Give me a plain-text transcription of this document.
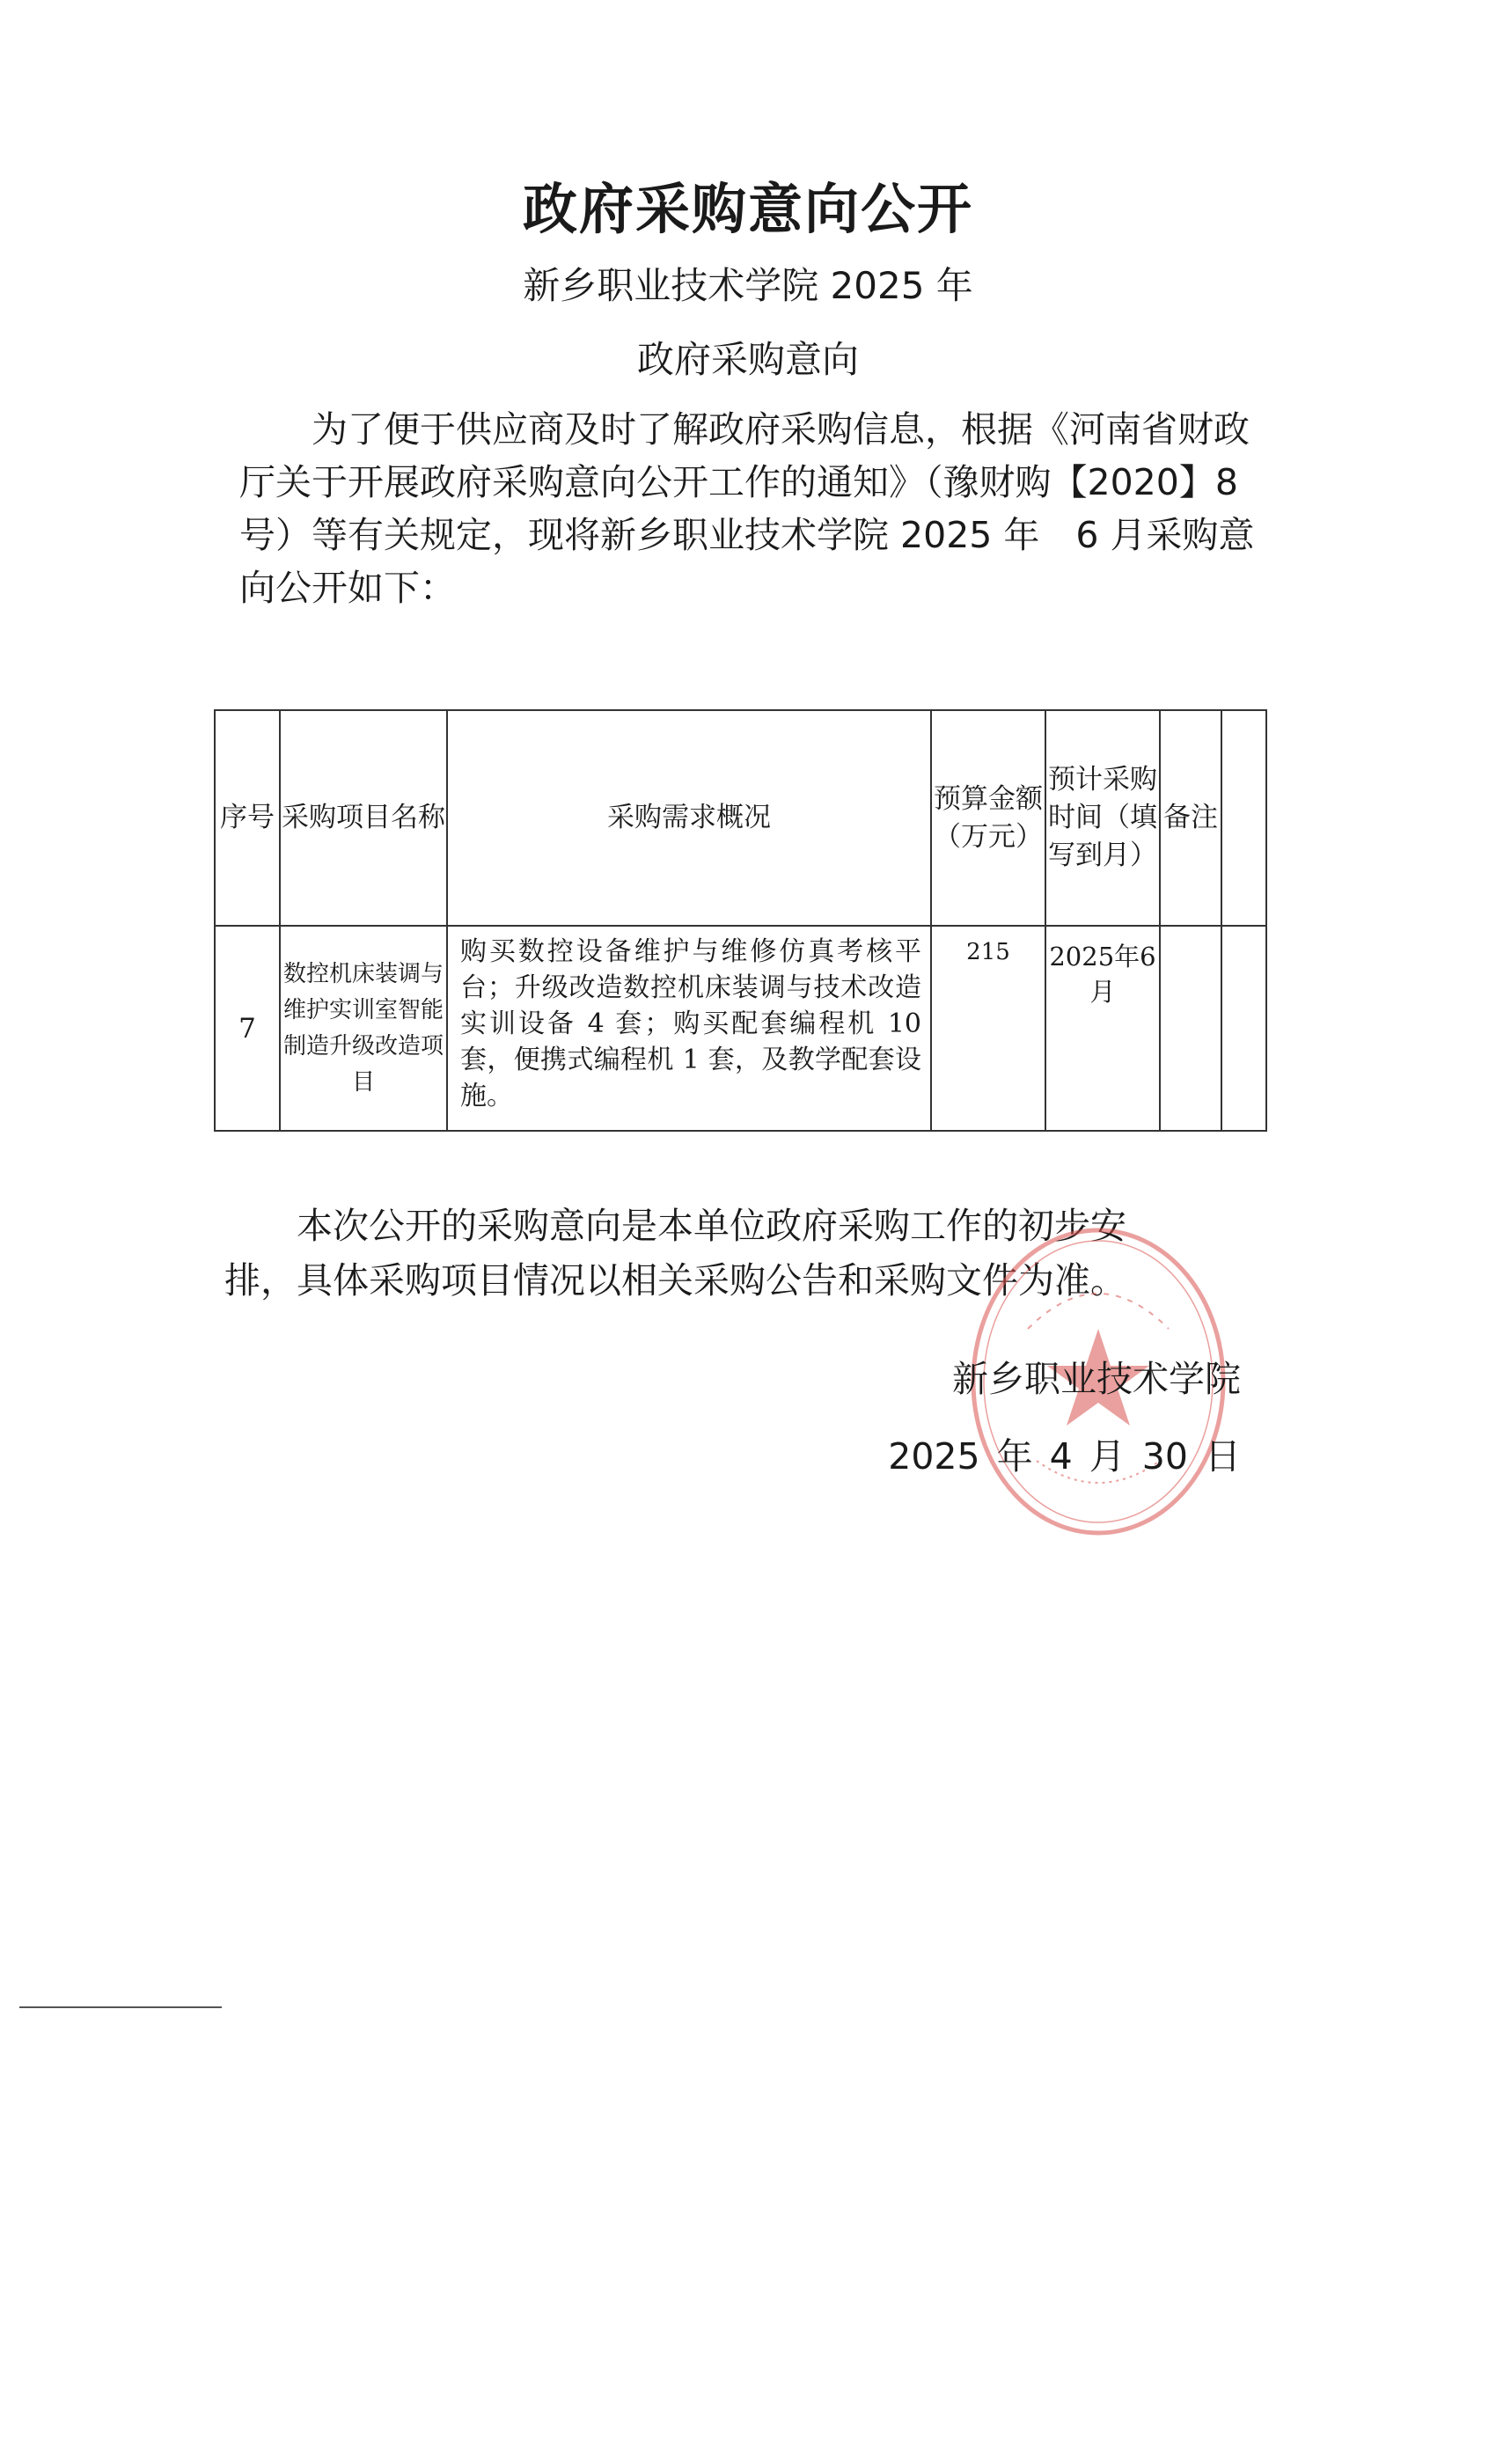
政府采购意向公开
新乡职业技术学院 2025 年
政府采购意向
为了便于供应商及时了解政府采购信息，根据《河南省财政
厅关于开展政府采购意向公开工作的通知》（豫财购【2020】8
号）等有关规定，现将新乡职业技术学院 2025 年　6 月采购意
向公开如下：
序号	采购项目名称	采购需求概况	预算金额（万元）	预计采购时间（填写到月）	备注	
7	数控机床装调与维护实训室智能制造升级改造项目	购买数控设备维护与维修仿真考核平台；升级改造数控机床装调与技术改造实训设备 4 套；购买配套编程机 10 套，便携式编程机 1 套，及教学配套设施。	215	2025年6月		
本次公开的采购意向是本单位政府采购工作的初步安
排，具体采购项目情况以相关采购公告和采购文件为准。
新乡职业技术学院
2025 年 4 月 30 日
